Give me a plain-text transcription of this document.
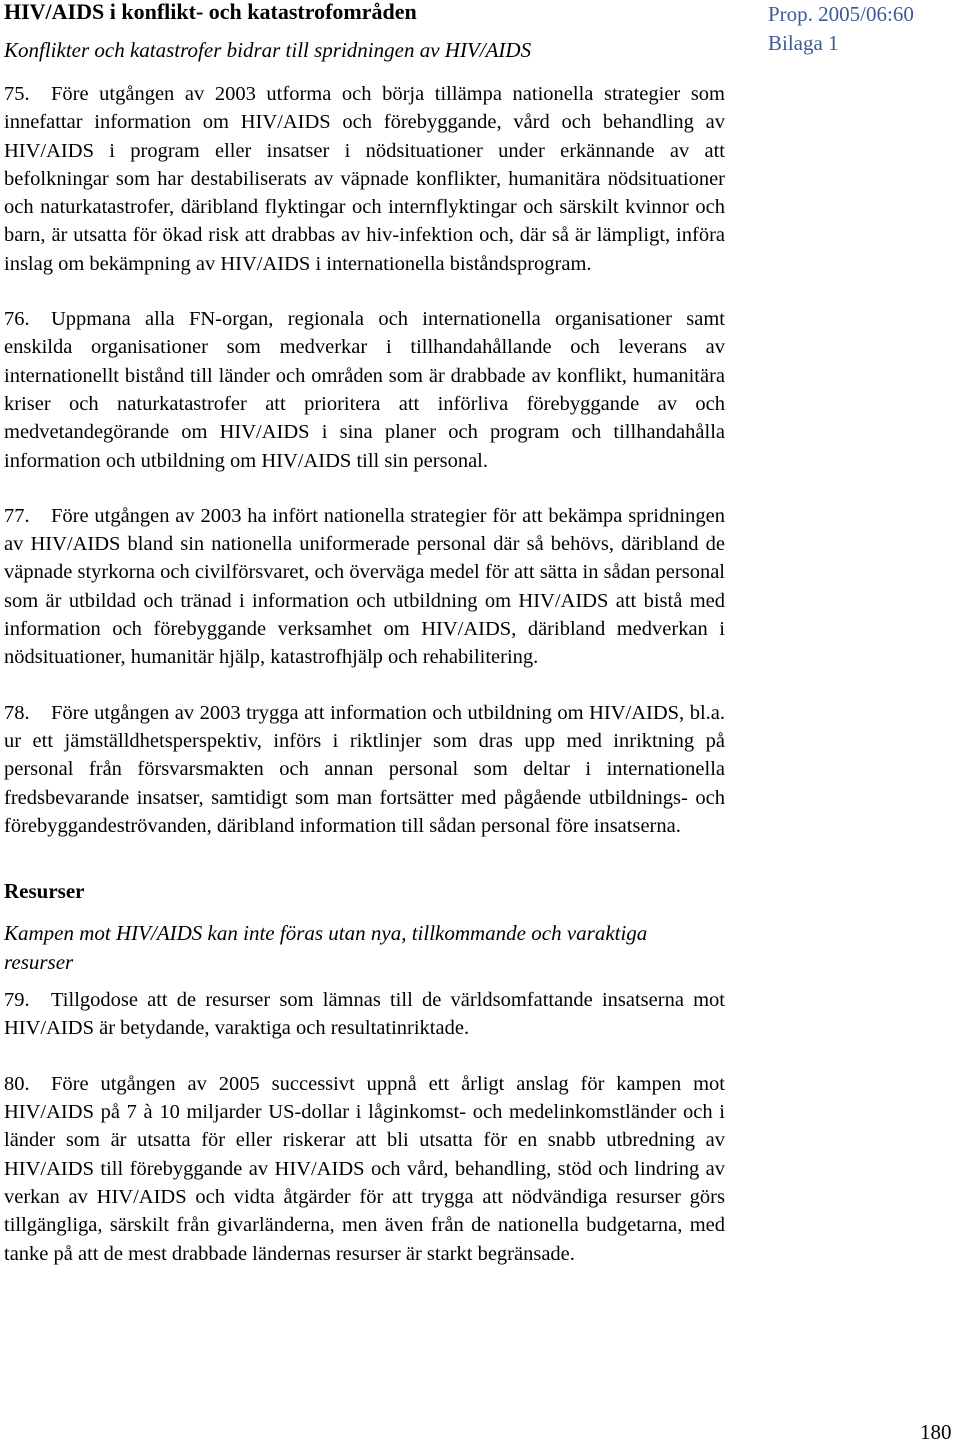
HIV/AIDS i konflikt- och katastrofområden
Konflikter och katastrofer bidrar till spridningen av HIV/AIDS
Prop. 2005/06:60
Bilaga 1

75. Före utgången av 2003 utforma och börja tillämpa nationella strategier som innefattar information om HIV/AIDS och förebyggande, vård och behandling av HIV/AIDS i program eller insatser i nödsituationer under erkännande av att befolkningar som har destabiliserats av väpnade konflikter, humanitära nödsituationer och naturkatastrofer, däribland flyktingar och internflyktingar och särskilt kvinnor och barn, är utsatta för ökad risk att drabbas av hiv-infektion och, där så är lämpligt, införa inslag om bekämpning av HIV/AIDS i internationella biståndsprogram.

76. Uppmana alla FN-organ, regionala och internationella organisationer samt enskilda organisationer som medverkar i tillhandahållande och leverans av internationellt bistånd till länder och områden som är drabbade av konflikt, humanitära kriser och naturkatastrofer att prioritera att införliva förebyggande av och medvetandegörande om HIV/AIDS i sina planer och program och tillhandahålla information och utbildning om HIV/AIDS till sin personal.

77. Före utgången av 2003 ha infört nationella strategier för att bekämpa spridningen av HIV/AIDS bland sin nationella uniformerade personal där så behövs, däribland de väpnade styrkorna och civilförsvaret, och överväga medel för att sätta in sådan personal som är utbildad och tränad i information och utbildning om HIV/AIDS att bistå med information och förebyggande verksamhet om HIV/AIDS, däribland medverkan i nödsituationer, humanitär hjälp, katastrofhjälp och rehabilitering.

78. Före utgången av 2003 trygga att information och utbildning om HIV/AIDS, bl.a. ur ett jämställdhetsperspektiv, införs i riktlinjer som dras upp med inriktning på personal från försvarsmakten och annan personal som deltar i internationella fredsbevarande insatser, samtidigt som man fortsätter med pågående utbildnings- och förebyggandeströvanden, däribland information till sådan personal före insatserna.

Resurser
Kampen mot HIV/AIDS kan inte föras utan nya, tillkommande och varaktiga resurser

79. Tillgodose att de resurser som lämnas till de världsomfattande insatserna mot HIV/AIDS är betydande, varaktiga och resultatinriktade.

80. Före utgången av 2005 successivt uppnå ett årligt anslag för kampen mot HIV/AIDS på 7 à 10 miljarder US-dollar i låginkomst- och medelinkomstländer och i länder som är utsatta för eller riskerar att bli utsatta för en snabb utbredning av HIV/AIDS till förebyggande av HIV/AIDS och vård, behandling, stöd och lindring av verkan av HIV/AIDS och vidta åtgärder för att trygga att nödvändiga resurser görs tillgängliga, särskilt från givarländerna, men även från de nationella budgetarna, med tanke på att de mest drabbade ländernas resurser är starkt begränsade.

180
